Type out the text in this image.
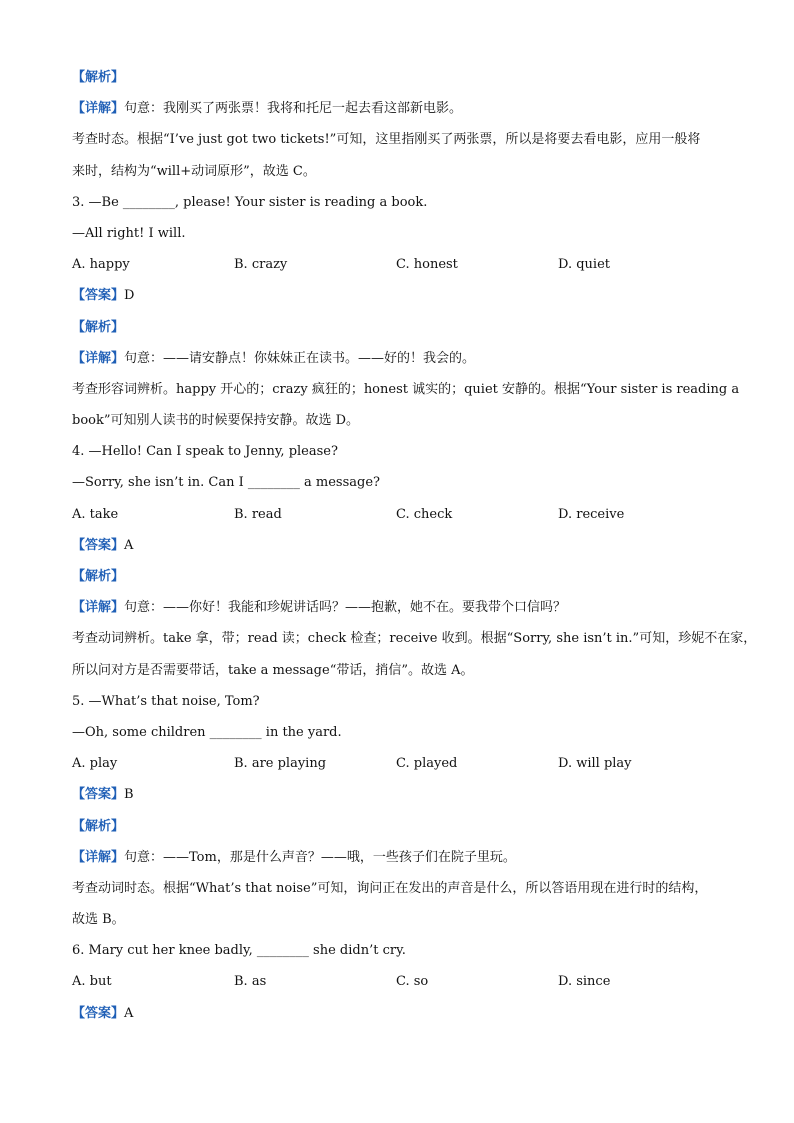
【解析】
【详解】句意：我刚买了两张票！我将和托尼一起去看这部新电影。
考查时态。根据“I’ve just got two tickets!”可知，这里指刚买了两张票，所以是将要去看电影，应用一般将
来时，结构为“will+动词原形”，故选 C。
3. —Be ________, please! Your sister is reading a book.
—All right! I will.
A. happy	B. crazy	C. honest	D. quiet
【答案】D
【解析】
【详解】句意：——请安静点！你妹妹正在读书。——好的！我会的。
考查形容词辨析。happy 开心的；crazy 疯狂的；honest 诚实的；quiet 安静的。根据“Your sister is reading a
book”可知别人读书的时候要保持安静。故选 D。
4. —Hello! Can I speak to Jenny, please?
—Sorry, she isn’t in. Can I ________ a message?
A. take	B. read	C. check	D. receive
【答案】A
【解析】
【详解】句意：——你好！我能和珍妮讲话吗？——抱歉，她不在。要我带个口信吗？
考查动词辨析。take 拿，带；read 读；check 检查；receive 收到。根据“Sorry, she isn’t in.”可知，珍妮不在家，
所以问对方是否需要带话，take a message“带话，捎信”。故选 A。
5. —What’s that noise, Tom?
—Oh, some children ________ in the yard.
A. play	B. are playing	C. played	D. will play
【答案】B
【解析】
【详解】句意：——Tom，那是什么声音？——哦，一些孩子们在院子里玩。
考查动词时态。根据“What’s that noise”可知，询问正在发出的声音是什么，所以答语用现在进行时的结构，
故选 B。
6. Mary cut her knee badly, ________ she didn’t cry.
A. but	B. as	C. so	D. since
【答案】A
